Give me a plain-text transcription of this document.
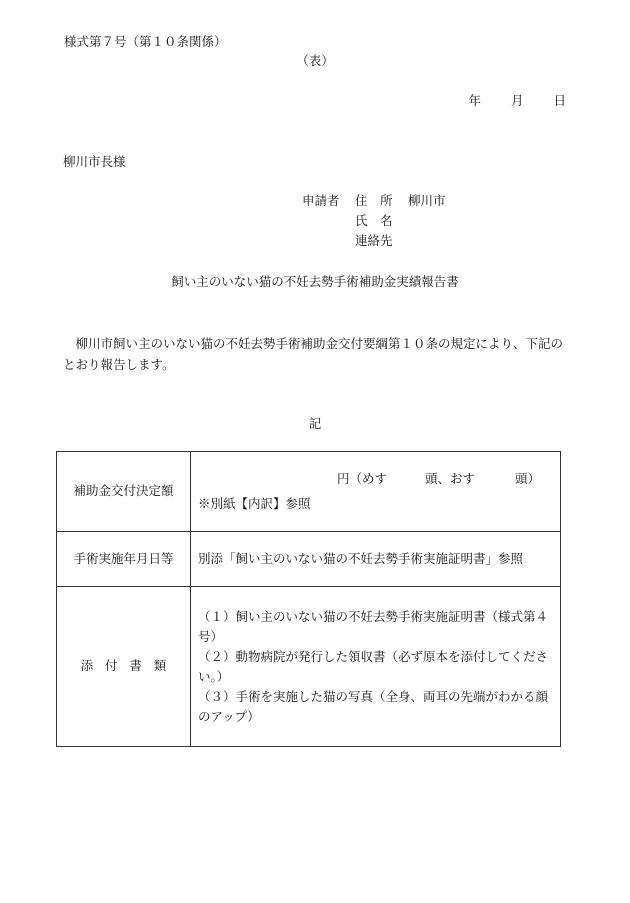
様式第７号（第１０条関係）
（表）
年 月 日
柳川市長様
申請者 住　所 柳川市
氏　名
連絡先
飼い主のいない猫の不妊去勢手術補助金実績報告書
柳川市飼い主のいない猫の不妊去勢手術補助金交付要綱第１０条の規定により、下記のとおり報告します。
記
補助金交付決定額	円（めす 頭、おす 頭）
※別紙【内訳】参照

手術実施年月日等	別添「飼い主のいない猫の不妊去勢手術実施証明書」参照

添付書類	（１）飼い主のいない猫の不妊去勢手術実施証明書（様式第４号）
（２）動物病院が発行した領収書（必ず原本を添付してください。）
（３）手術を実施した猫の写真（全身、両耳の先端がわかる顔のアップ）
